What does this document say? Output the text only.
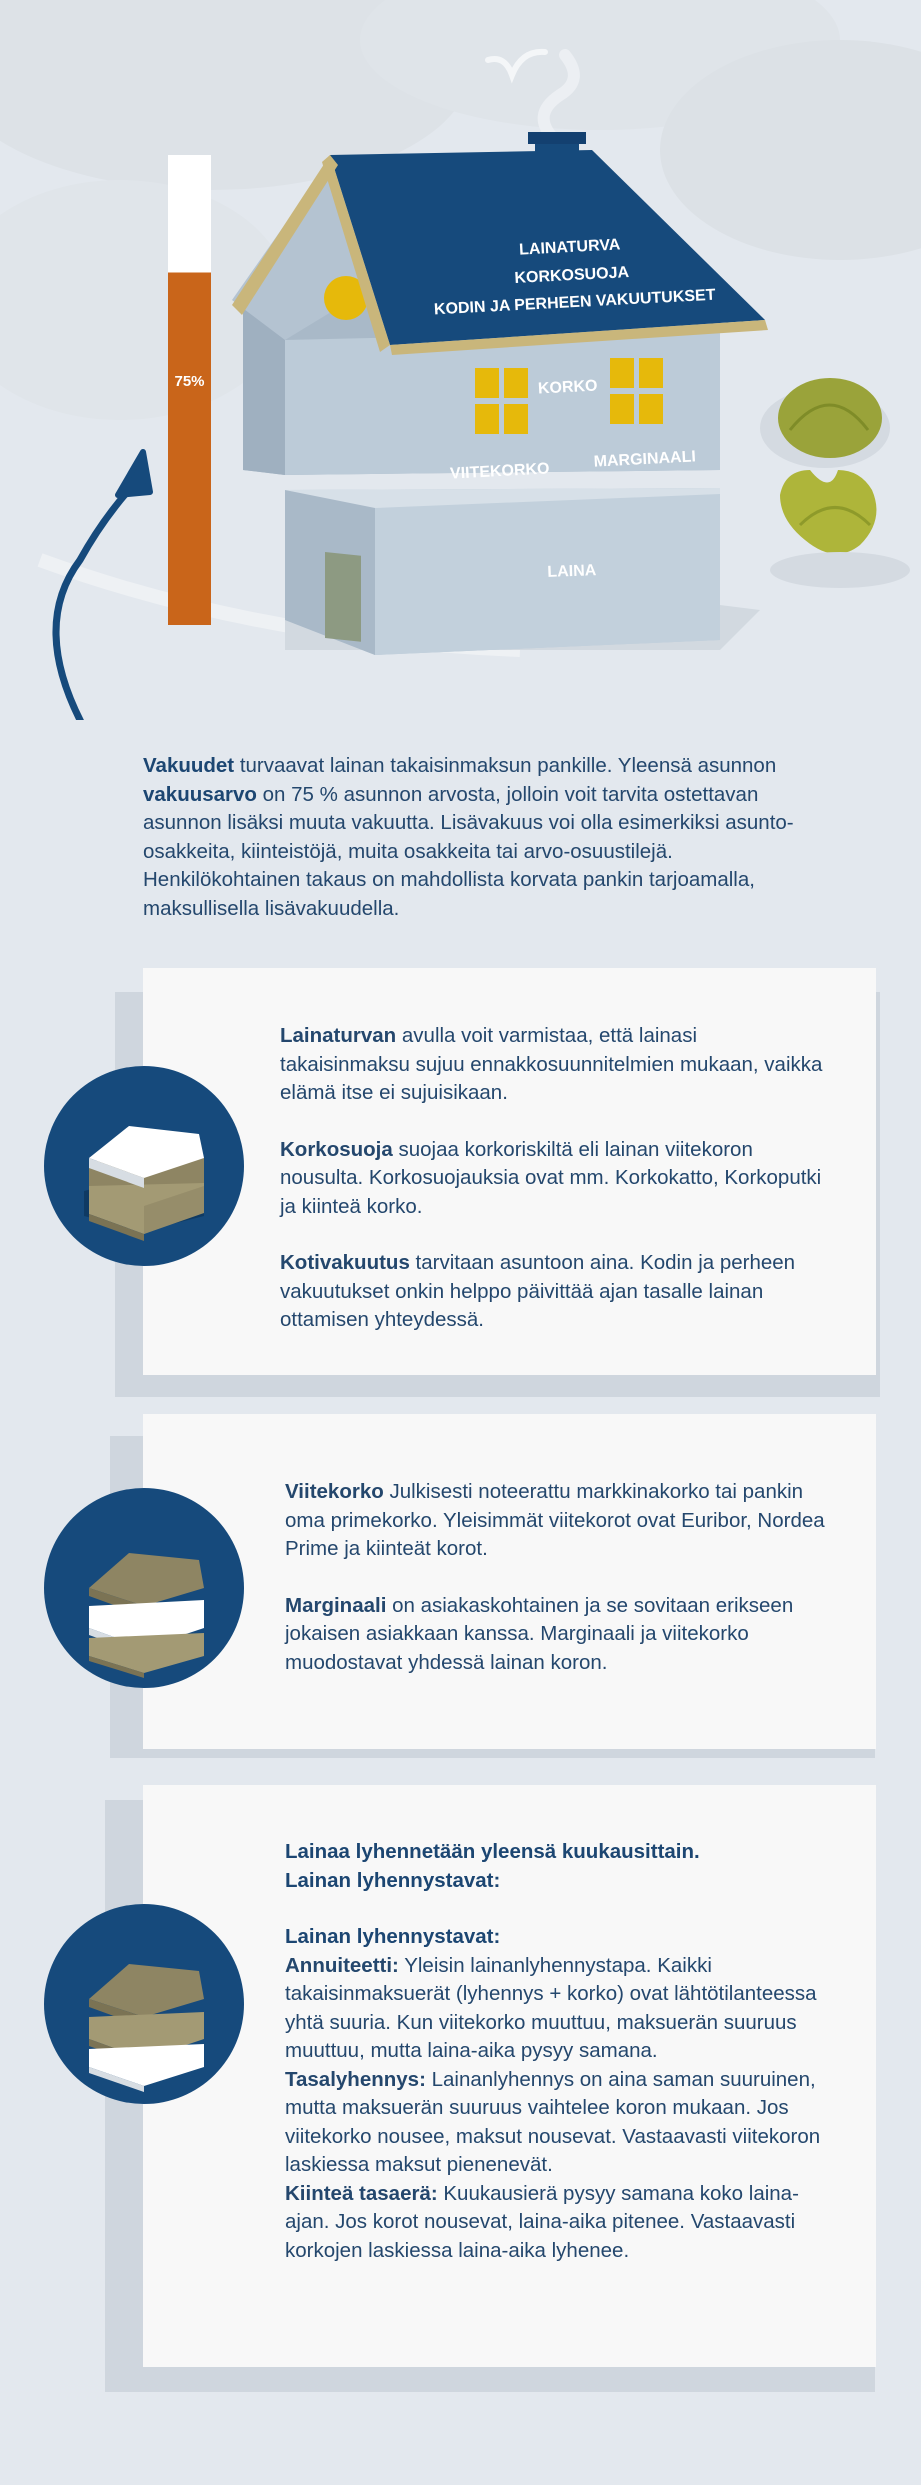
75%
LAINATURVA
KORKOSUOJA
KODIN JA PERHEEN VAKUUTUKSET
KORKO
VIITEKORKO
MARGINAALI
LAINA

Vakuudet turvaavat lainan takaisinmaksun pankille. Yleensä asunnon vakuusarvo on 75 % asunnon arvosta, jolloin voit tarvita ostettavan asunnon lisäksi muuta vakuutta. Lisävakuus voi olla esimerkiksi asunto-osakkeita, kiinteistöjä, muita osakkeita tai arvo-osuustilejä. Henkilökohtainen takaus on mahdollista korvata pankin tarjoamalla, maksullisella lisävakuudella.

Lainaturvan avulla voit varmistaa, että lainasi takaisinmaksu sujuu ennakkosuunnitelmien mukaan, vaikka elämä itse ei sujuisikaan.

Korkosuoja suojaa korkoriskiltä eli lainan viitekoron nousulta. Korkosuojauksia ovat mm. Korkokatto, Korkoputki ja kiinteä korko.

Kotivakuutus tarvitaan asuntoon aina. Kodin ja perheen vakuutukset onkin helppo päivittää ajan tasalle lainan ottamisen yhteydessä.

Viitekorko Julkisesti noteerattu markkinakorko tai pankin oma primekorko. Yleisimmät viitekorot ovat Euribor, Nordea Prime ja kiinteät korot.

Marginaali on asiakaskohtainen ja se sovitaan erikseen jokaisen asiakkaan kanssa. Marginaali ja viitekorko muodostavat yhdessä lainan koron.

Lainaa lyhennetään yleensä kuukausittain.
Lainan lyhennystavat:
Lainan lyhennystavat:
Annuiteetti: Yleisin lainanlyhennystapa. Kaikki takaisinmaksuerät (lyhennys + korko) ovat lähtötilanteessa yhtä suuria. Kun viitekorko muuttuu, maksuerän suuruus muuttuu, mutta laina-aika pysyy samana.
Tasalyhennys: Lainanlyhennys on aina saman suuruinen, mutta maksuerän suuruus vaihtelee koron mukaan. Jos viitekorko nousee, maksut nousevat. Vastaavasti viitekoron laskiessa maksut pienenevät.
Kiinteä tasaerä: Kuukausierä pysyy samana koko laina-ajan. Jos korot nousevat, laina-aika pitenee. Vastaavasti korkojen laskiessa laina-aika lyhenee.
